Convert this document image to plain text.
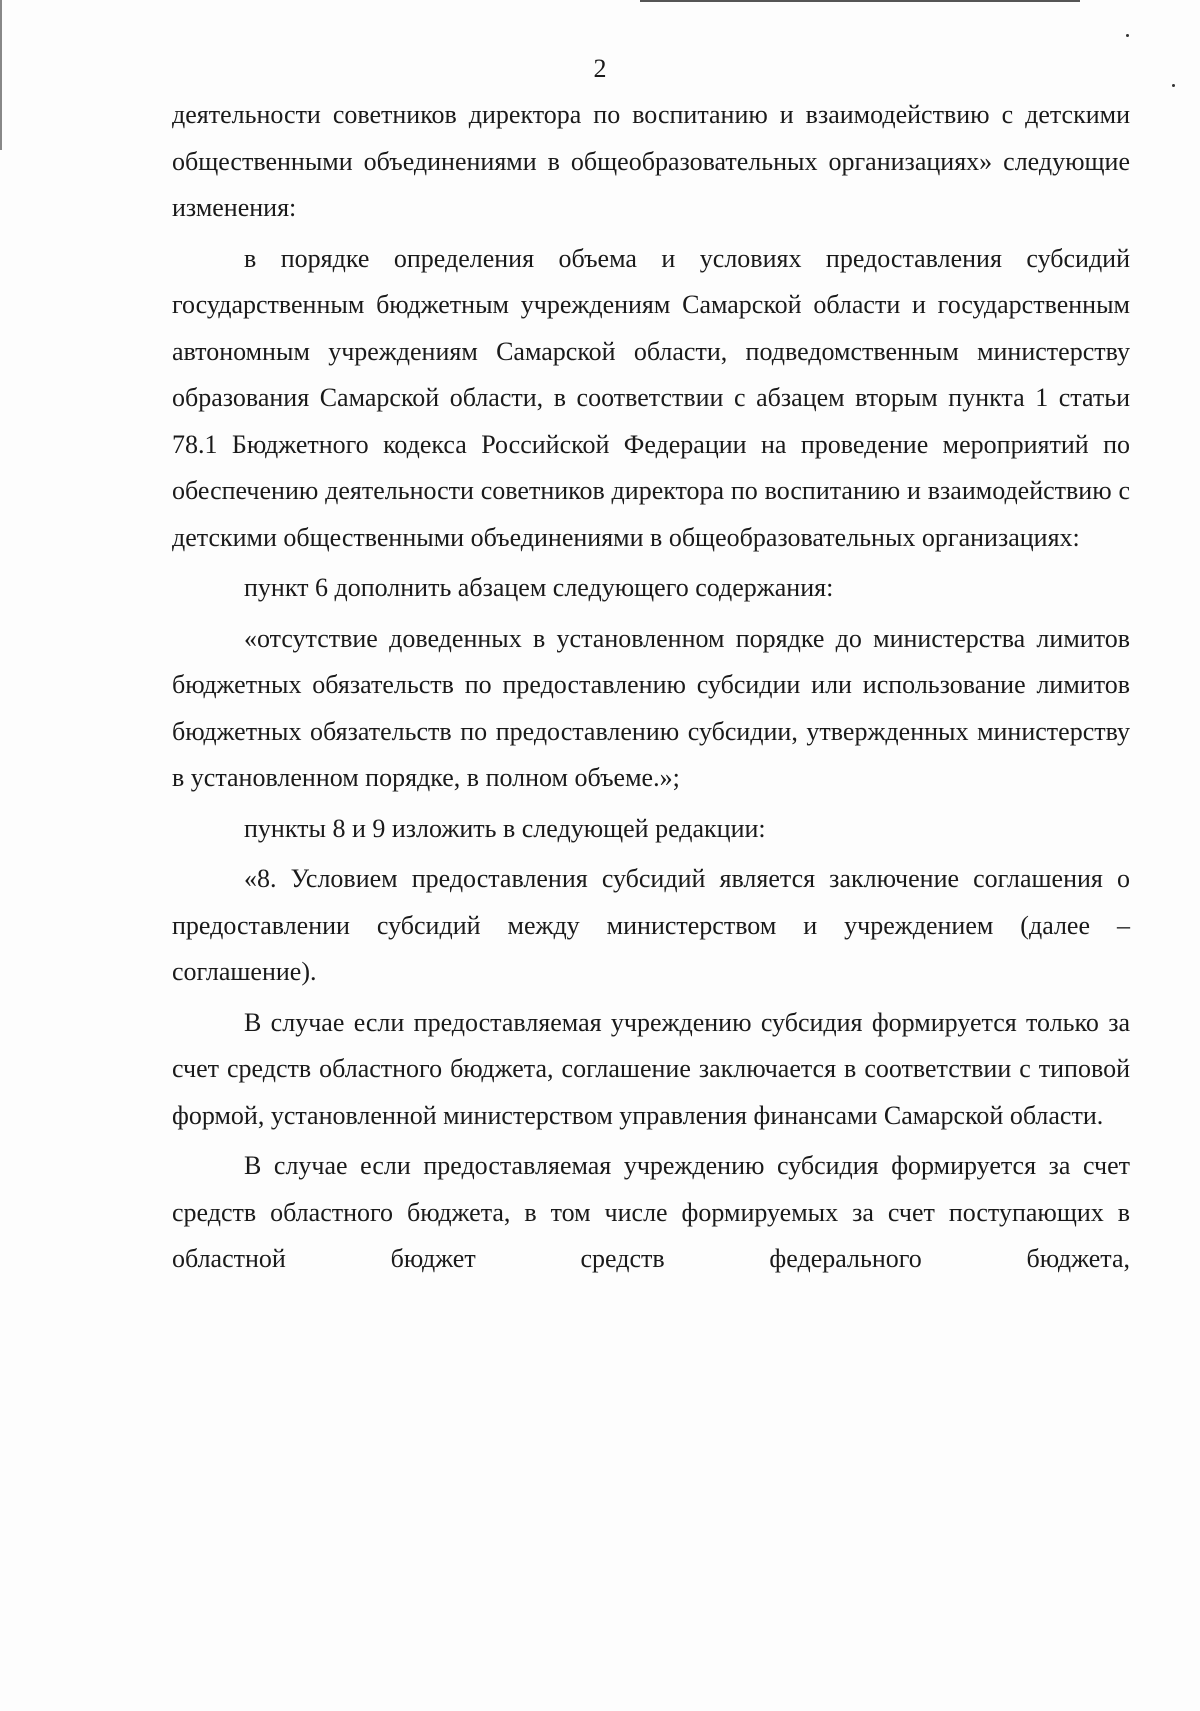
2

деятельности советников директора по воспитанию и взаимодействию с детскими общественными объединениями в общеобразовательных организациях» следующие изменения:

в порядке определения объема и условиях предоставления субсидий государственным бюджетным учреждениям Самарской области и государственным автономным учреждениям Самарской области, подведомственным министерству образования Самарской области, в соответствии с абзацем вторым пункта 1 статьи 78.1 Бюджетного кодекса Российской Федерации на проведение мероприятий по обеспечению деятельности советников директора по воспитанию и взаимодействию с детскими общественными объединениями в общеобразовательных организациях:

пункт 6 дополнить абзацем следующего содержания:

«отсутствие доведенных в установленном порядке до министерства лимитов бюджетных обязательств по предоставлению субсидии или использование лимитов бюджетных обязательств по предоставлению субсидии, утвержденных министерству в установленном порядке, в полном объеме.»;

пункты 8 и 9 изложить в следующей редакции:

«8. Условием предоставления субсидий является заключение соглашения о предоставлении субсидий между министерством и учреждением (далее – соглашение).

В случае если предоставляемая учреждению субсидия формируется только за счет средств областного бюджета, соглашение заключается в соответствии с типовой формой, установленной министерством управления финансами Самарской области.

В случае если предоставляемая учреждению субсидия формируется за счет средств областного бюджета, в том числе формируемых за счет поступающих в областной бюджет средств федерального бюджета,
